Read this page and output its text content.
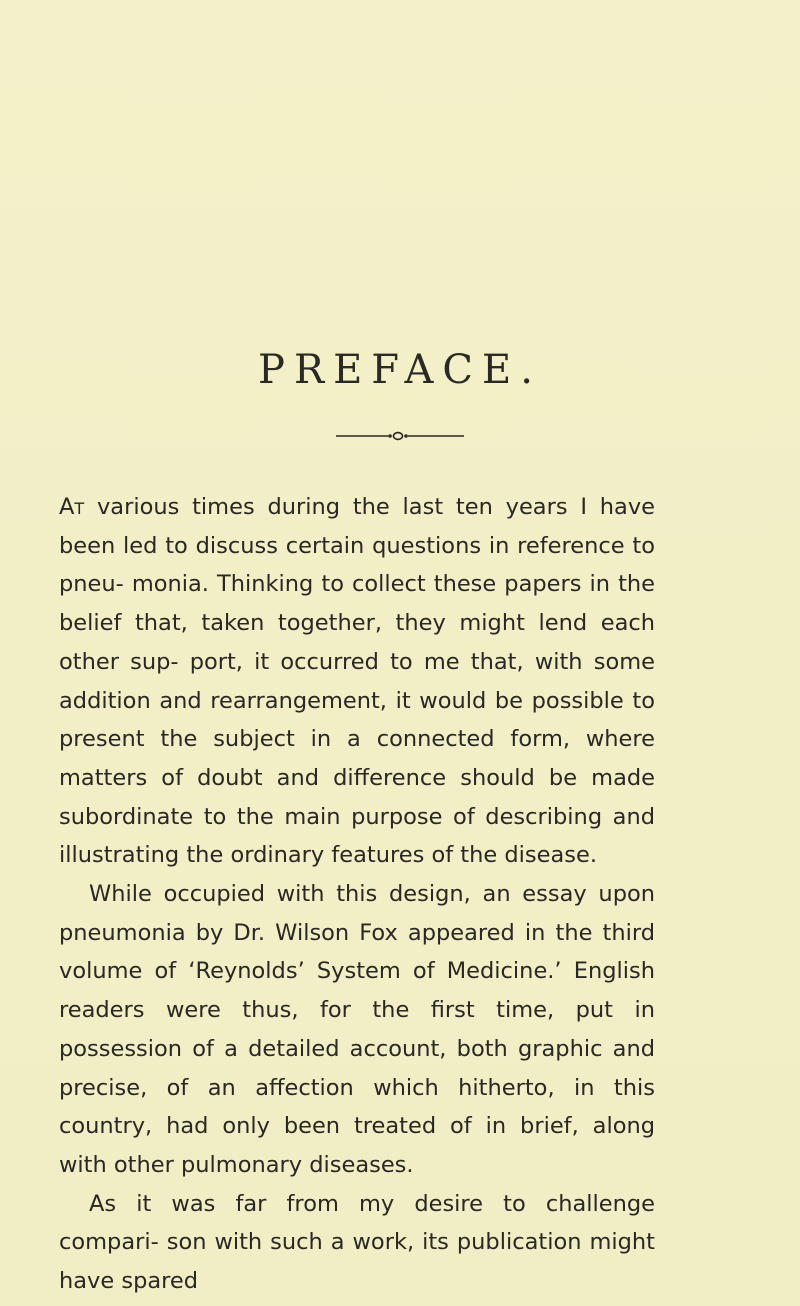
PREFACE.

At various times during the last ten years I have been led to discuss certain questions in reference to pneu- monia. Thinking to collect these papers in the belief that, taken together, they might lend each other sup- port, it occurred to me that, with some addition and rearrangement, it would be possible to present the subject in a connected form, where matters of doubt and difference should be made subordinate to the main purpose of describing and illustrating the ordinary features of the disease.

While occupied with this design, an essay upon pneumonia by Dr. Wilson Fox appeared in the third volume of ‘Reynolds’ System of Medicine.’ English readers were thus, for the first time, put in possession of a detailed account, both graphic and precise, of an affection which hitherto, in this country, had only been treated of in brief, along with other pulmonary diseases.

As it was far from my desire to challenge compari- son with such a work, its publication might have spared
